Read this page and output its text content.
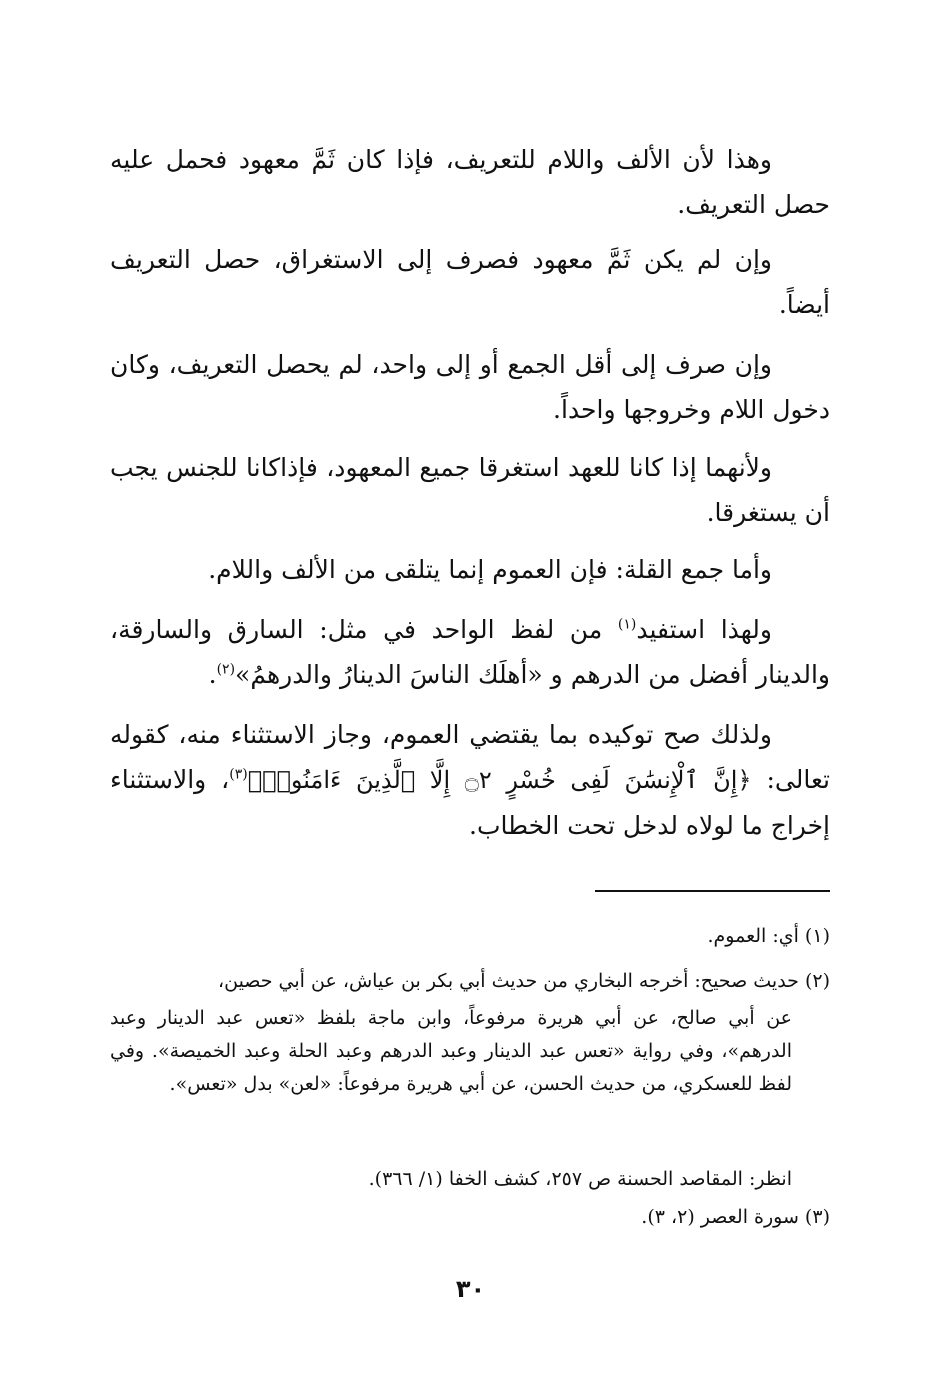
وهذا لأن الألف واللام للتعريف، فإذا كان ثَمَّ معهود فحمل عليه حصل التعريف.

وإن لم يكن ثَمَّ معهود فصرف إلى الاستغراق، حصل التعريف أيضاً.

وإن صرف إلى أقل الجمع أو إلى واحد، لم يحصل التعريف، وكان دخول اللام وخروجها واحداً.

ولأنهما إذا كانا للعهد استغرقا جميع المعهود، فإذاكانا للجنس يجب أن يستغرقا.

وأما جمع القلة: فإن العموم إنما يتلقى من الألف واللام.

ولهذا استفيد$^{(١)}$ من لفظ الواحد في مثل: السارق والسارقة، والدينار أفضل من الدرهم و «أهلَك الناسَ الدينارُ والدرهمُ»$^{(٢)}$.

ولذلك صح توكيده بما يقتضي العموم، وجاز الاستثناء منه، كقوله تعالى: ﴿إِنَّ ٱلْإِنسَٰنَ لَفِى خُسْرٍ ۝٢ إِلَّا ٱلَّذِينَ ءَامَنُوا۟﴾$^{(٣)}$، والاستثناء إخراج ما لولاه لدخل تحت الخطاب.

(١) أي: العموم.

(٢) حديث صحيح: أخرجه البخاري من حديث أبي بكر بن عياش، عن أبي حصين،

عن أبي صالح، عن أبي هريرة مرفوعاً، وابن ماجة بلفظ «تعس عبد الدينار وعبد الدرهم»، وفي رواية «تعس عبد الدينار وعبد الدرهم وعبد الحلة وعبد الخميصة». وفي لفظ للعسكري، من حديث الحسن، عن أبي هريرة مرفوعاً: «لعن» بدل «تعس».

انظر: المقاصد الحسنة ص ٢٥٧، كشف الخفا (١/ ٣٦٦).

(٣) سورة العصر (٢، ٣).

٣٠
